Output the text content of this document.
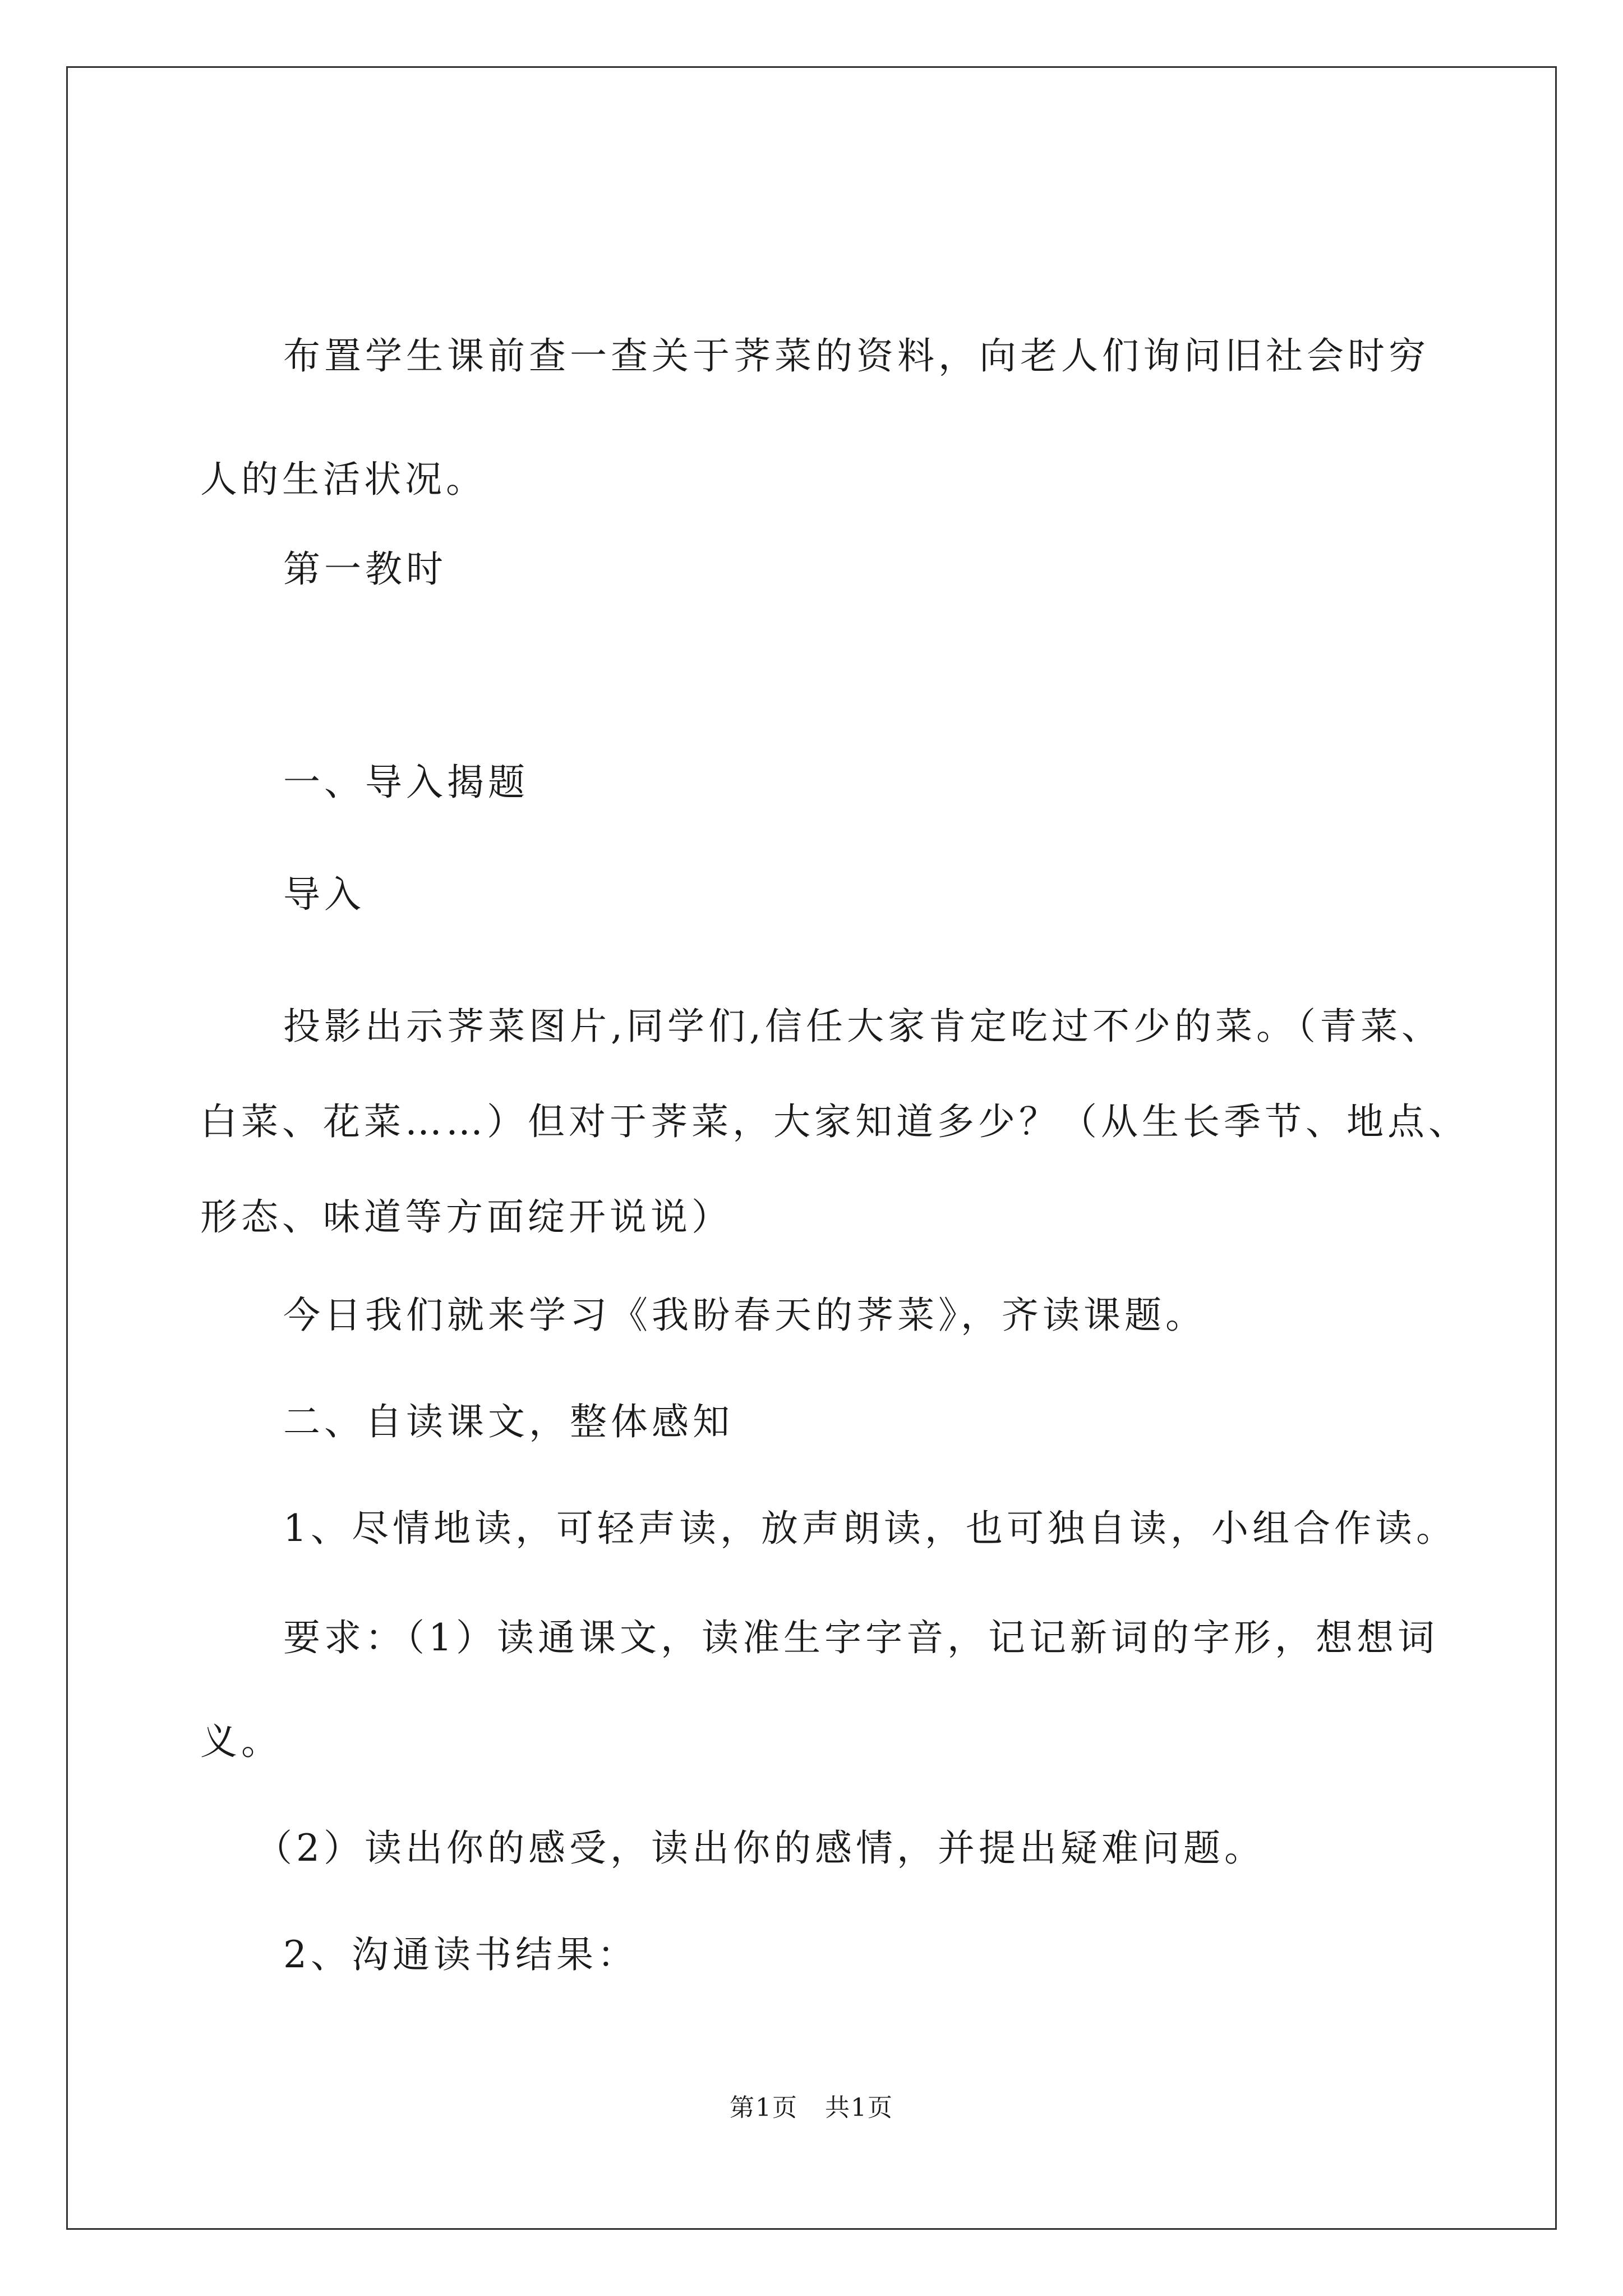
布置学生课前查一查关于荠菜的资料，向老人们询问旧社会时穷
人的生活状况。
第一教时
一、导入揭题
导入
投影出示荠菜图片,同学们,信任大家肯定吃过不少的菜。（青菜、
白菜、花菜……）但对于荠菜，大家知道多少？（从生长季节、地点、
形态、味道等方面绽开说说）
今日我们就来学习《我盼春天的荠菜》，齐读课题。
二、自读课文，整体感知
1、尽情地读，可轻声读，放声朗读，也可独自读，小组合作读。
要求：（1）读通课文，读准生字字音，记记新词的字形，想想词
义。
（2）读出你的感受，读出你的感情，并提出疑难问题。
2、沟通读书结果：
第1页 共1页
